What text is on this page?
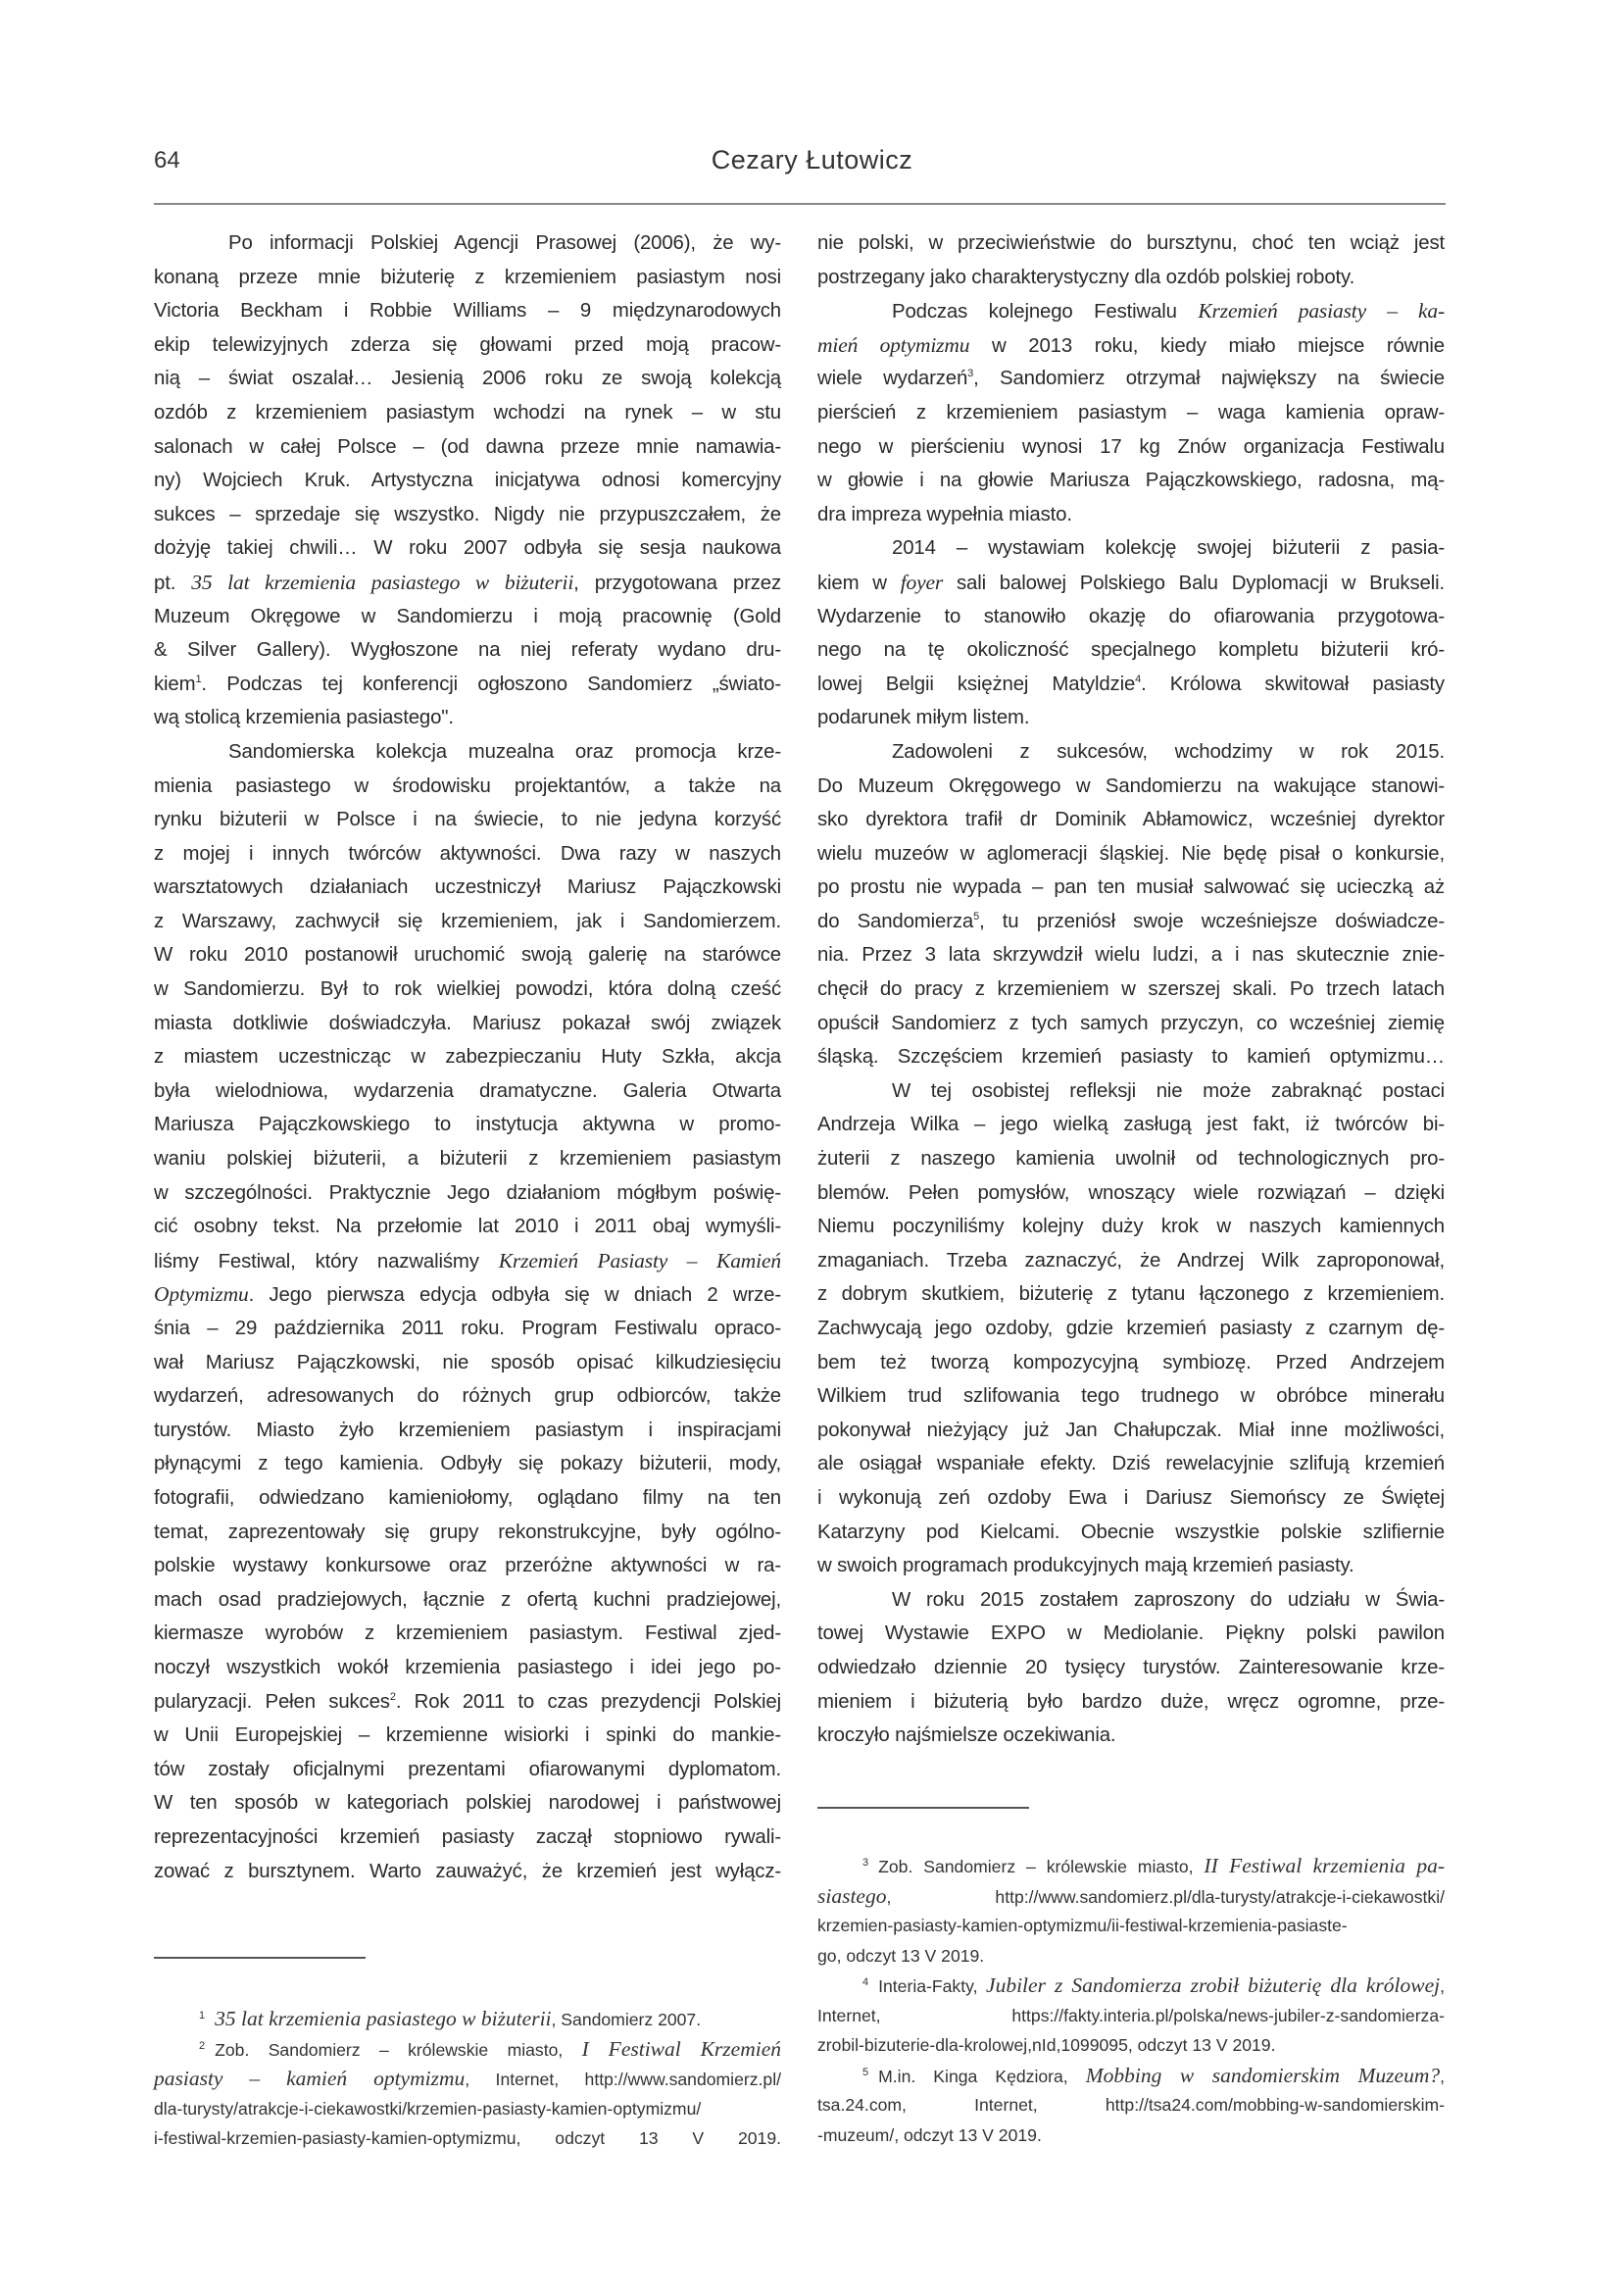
64	Cezary Łutowicz
Po informacji Polskiej Agencji Prasowej (2006), że wy-
konaną przeze mnie biżuterię z krzemieniem pasiastym nosi
Victoria Beckham i Robbie Williams – 9 międzynarodowych
ekip telewizyjnych zderza się głowami przed moją pracow-
nią – świat oszalał… Jesienią 2006 roku ze swoją kolekcją
ozdób z krzemieniem pasiastym wchodzi na rynek – w stu
salonach w całej Polsce – (od dawna przeze mnie namawia-
ny) Wojciech Kruk. Artystyczna inicjatywa odnosi komercyjny
sukces – sprzedaje się wszystko. Nigdy nie przypuszczałem, że
dożyję takiej chwili… W roku 2007 odbyła się sesja naukowa
pt. 35 lat krzemienia pasiastego w biżuterii, przygotowana przez
Muzeum Okręgowe w Sandomierzu i moją pracownię (Gold
& Silver Gallery). Wygłoszone na niej referaty wydano dru-
kiem$^1$. Podczas tej konferencji ogłoszono Sandomierz „świato-
wą stolicą krzemienia pasiastego".
Sandomierska kolekcja muzealna oraz promocja krze-
mienia pasiastego w środowisku projektantów, a także na
rynku biżuterii w Polsce i na świecie, to nie jedyna korzyść
z mojej i innych twórców aktywności. Dwa razy w naszych
warsztatowych działaniach uczestniczył Mariusz Pajączkowski
z Warszawy, zachwycił się krzemieniem, jak i Sandomierzem.
W roku 2010 postanowił uruchomić swoją galerię na starówce
w Sandomierzu. Był to rok wielkiej powodzi, która dolną cześć
miasta dotkliwie doświadczyła. Mariusz pokazał swój związek
z miastem uczestnicząc w zabezpieczaniu Huty Szkła, akcja
była wielodniowa, wydarzenia dramatyczne. Galeria Otwarta
Mariusza Pajączkowskiego to instytucja aktywna w promo-
waniu polskiej biżuterii, a biżuterii z krzemieniem pasiastym
w szczególności. Praktycznie Jego działaniom mógłbym poświę-
cić osobny tekst. Na przełomie lat 2010 i 2011 obaj wymyśli-
liśmy Festiwal, który nazwaliśmy Krzemień Pasiasty – Kamień
Optymizmu. Jego pierwsza edycja odbyła się w dniach 2 wrze-
śnia – 29 października 2011 roku. Program Festiwalu opraco-
wał Mariusz Pajączkowski, nie sposób opisać kilkudziesięciu
wydarzeń, adresowanych do różnych grup odbiorców, także
turystów. Miasto żyło krzemieniem pasiastym i inspiracjami
płynącymi z tego kamienia. Odbyły się pokazy biżuterii, mody,
fotografii, odwiedzano kamieniołomy, oglądano filmy na ten
temat, zaprezentowały się grupy rekonstrukcyjne, były ogólno-
polskie wystawy konkursowe oraz przeróżne aktywności w ra-
mach osad pradziejowych, łącznie z ofertą kuchni pradziejowej,
kiermasze wyrobów z krzemieniem pasiastym. Festiwal zjed-
noczył wszystkich wokół krzemienia pasiastego i idei jego po-
pularyzacji. Pełen sukces$^2$. Rok 2011 to czas prezydencji Polskiej
w Unii Europejskiej – krzemienne wisiorki i spinki do mankie-
tów zostały oficjalnymi prezentami ofiarowanymi dyplomatom.
W ten sposób w kategoriach polskiej narodowej i państwowej
reprezentacyjności krzemień pasiasty zaczął stopniowo rywali-
zować z bursztynem. Warto zauważyć, że krzemień jest wyłącz-
nie polski, w przeciwieństwie do bursztynu, choć ten wciąż jest
postrzegany jako charakterystyczny dla ozdób polskiej roboty.
Podczas kolejnego Festiwalu Krzemień pasiasty – ka-
mień optymizmu w 2013 roku, kiedy miało miejsce równie
wiele wydarzeń$^3$, Sandomierz otrzymał największy na świecie
pierścień z krzemieniem pasiastym – waga kamienia opraw-
nego w pierścieniu wynosi 17 kg Znów organizacja Festiwalu
w głowie i na głowie Mariusza Pajączkowskiego, radosna, mą-
dra impreza wypełnia miasto.
2014 – wystawiam kolekcję swojej biżuterii z pasia-
kiem w foyer sali balowej Polskiego Balu Dyplomacji w Brukseli.
Wydarzenie to stanowiło okazję do ofiarowania przygotowa-
nego na tę okoliczność specjalnego kompletu biżuterii kró-
lowej Belgii księżnej Matyldzie$^4$. Królowa skwitował pasiasty
podarunek miłym listem.
Zadowoleni z sukcesów, wchodzimy w rok 2015.
Do Muzeum Okręgowego w Sandomierzu na wakujące stanowi-
sko dyrektora trafił dr Dominik Abłamowicz, wcześniej dyrektor
wielu muzeów w aglomeracji śląskiej. Nie będę pisał o konkursie,
po prostu nie wypada – pan ten musiał salwować się ucieczką aż
do Sandomierza$^5$, tu przeniósł swoje wcześniejsze doświadcze-
nia. Przez 3 lata skrzywdził wielu ludzi, a i nas skutecznie znie-
chęcił do pracy z krzemieniem w szerszej skali. Po trzech latach
opuścił Sandomierz z tych samych przyczyn, co wcześniej ziemię
śląską. Szczęściem krzemień pasiasty to kamień optymizmu…
W tej osobistej refleksji nie może zabraknąć postaci
Andrzeja Wilka – jego wielką zasługą jest fakt, iż twórców bi-
żuterii z naszego kamienia uwolnił od technologicznych pro-
blemów. Pełen pomysłów, wnoszący wiele rozwiązań – dzięki
Niemu poczyniliśmy kolejny duży krok w naszych kamiennych
zmaganiach. Trzeba zaznaczyć, że Andrzej Wilk zaproponował,
z dobrym skutkiem, biżuterię z tytanu łączonego z krzemieniem.
Zachwycają jego ozdoby, gdzie krzemień pasiasty z czarnym dę-
bem też tworzą kompozycyjną symbiozę. Przed Andrzejem
Wilkiem trud szlifowania tego trudnego w obróbce minerału
pokonywał nieżyjący już Jan Chałupczak. Miał inne możliwości,
ale osiągał wspaniałe efekty. Dziś rewelacyjnie szlifują krzemień
i wykonują zeń ozdoby Ewa i Dariusz Siemońscy ze Świętej
Katarzyny pod Kielcami. Obecnie wszystkie polskie szlifiernie
w swoich programach produkcyjnych mają krzemień pasiasty.
W roku 2015 zostałem zaproszony do udziału w Świa-
towej Wystawie EXPO w Mediolanie. Piękny polski pawilon
odwiedzało dziennie 20 tysięcy turystów. Zainteresowanie krze-
mieniem i biżuterią było bardzo duże, wręcz ogromne, prze-
kroczyło najśmielsze oczekiwania.
1 35 lat krzemienia pasiastego w biżuterii, Sandomierz 2007.
2 Zob. Sandomierz – królewskie miasto, I Festiwal Krzemień
pasiasty – kamień optymizmu, Internet, http://www.sandomierz.pl/
dla-turysty/atrakcje-i-ciekawostki/krzemien-pasiasty-kamien-optymizmu/
i-festiwal-krzemien-pasiasty-kamien-optymizmu, odczyt 13 V 2019.
3 Zob. Sandomierz – królewskie miasto, II Festiwal krzemienia pa-
siastego, http://www.sandomierz.pl/dla-turysty/atrakcje-i-ciekawostki/
krzemien-pasiasty-kamien-optymizmu/ii-festiwal-krzemienia-pasiaste-
go, odczyt 13 V 2019.
4 Interia-Fakty, Jubiler z Sandomierza zrobił biżuterię dla królowej,
Internet, https://fakty.interia.pl/polska/news-jubiler-z-sandomierza-
zrobil-bizuterie-dla-krolowej,nId,1099095, odczyt 13 V 2019.
5 M.in. Kinga Kędziora, Mobbing w sandomierskim Muzeum?,
tsa.24.com, Internet, http://tsa24.com/mobbing-w-sandomierskim-
-muzeum/, odczyt 13 V 2019.
